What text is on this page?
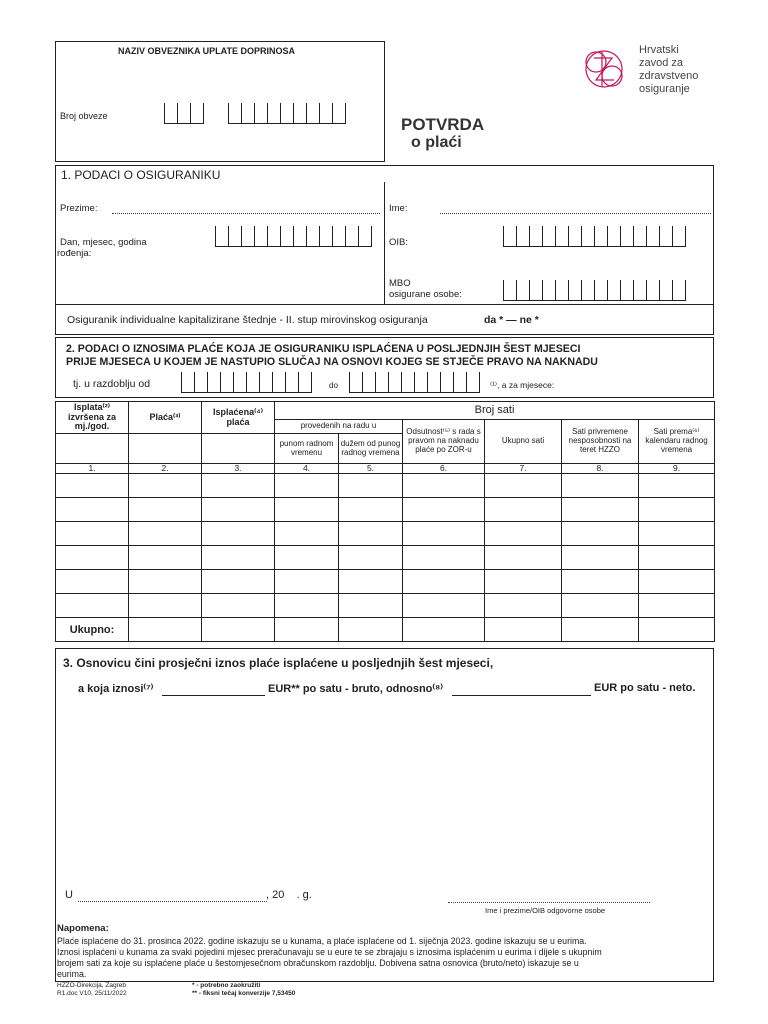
NAZIV OBVEZNIKA UPLATE DOPRINOSA
Broj obveze	POTVRDA
o plaći
Hrvatski
zavod za
zdravstveno
osiguranje
1. PODACI O OSIGURANIKU
Prezime:	Ime:
Dan, mjesec, godina
rođenja:
OIB:
MBO
osigurane osobe:
Osiguranik individualne kapitalizirane štednje - II. stup mirovinskog osiguranja	da * — ne *
2. PODACI O IZNOSIMA PLAĆE KOJA JE OSIGURANIKU ISPLAĆENA U POSLJEDNJIH ŠEST MJESECI
PRIJE MJESECA U KOJEM JE NASTUPIO SLUČAJ NA OSNOVI KOJEG SE STJEČE PRAVO NA NAKNADU
tj. u razdoblju od	do	⁽¹⁾, a za mjesece:
Isplata⁽²⁾ izvršena za mj./god.	Plaća⁽³⁾	Isplaćena⁽⁴⁾ plaća	Broj sati					
			provedenih na radu u		Odsutnost⁽⁵⁾ s rada s pravom na naknadu plaće po ZOR-u	Ukupno sati	Sati privremene nesposobnosti na teret HZZO	Sati prema⁽⁶⁾ kalendaru radnog vremena
			punom radnom vremenu	dužem od punog radnog vremena				
1.	2.	3.	4.	5.	6.	7.	8.	9.

Ukupno:								
3. Osnovicu čini prosječni iznos plaće isplaćene u posljednjih šest mjeseci,
a koja iznosi⁽⁷⁾	EUR** po satu - bruto, odnosno⁽⁸⁾	EUR po satu - neto.
U	, 20    . g.
Ime i prezime/OIB odgovorne osobe
Napomena:
Plaće isplaćene do 31. prosinca 2022. godine iskazuju se u kunama, a plaće isplaćene od 1. siječnja 2023. godine iskazuju se u eurima.
Iznosi isplaćeni u kunama za svaki pojedini mjesec preračunavaju se u eure te se zbrajaju s iznosima isplaćenim u eurima i dijele s ukupnim
brojem sati za koje su isplaćene plaće u šestomjesečnom obračunskom razdoblju. Dobivena satna osnovica (bruto/neto) iskazuje se u
eurima.
HZZO-Direkcija, Zagreb
R1.doc V10, 25/11/2022
* - potrebno zaokružiti
** - fiksni tečaj konverzije 7,53450
